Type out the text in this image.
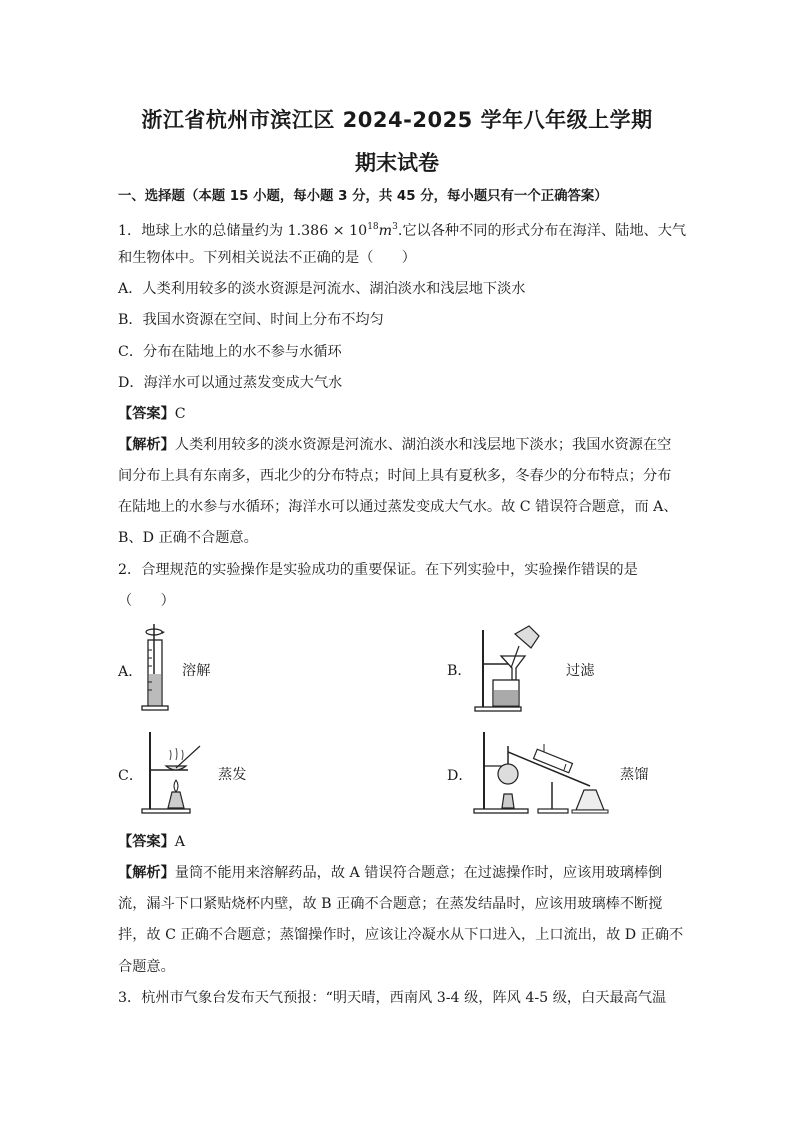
浙江省杭州市滨江区 2024-2025 学年八年级上学期
期末试卷
一、选择题（本题 15 小题，每小题 3 分，共 45 分，每小题只有一个正确答案）
1．地球上水的总储量约为 $1.386 \times 10^{18}m^3$.它以各种不同的形式分布在海洋、陆地、大气
和生物体中。下列相关说法不正确的是（　　）
A．人类利用较多的淡水资源是河流水、湖泊淡水和浅层地下淡水
B．我国水资源在空间、时间上分布不均匀
C．分布在陆地上的水不参与水循环
D．海洋水可以通过蒸发变成大气水
【答案】C
【解析】人类利用较多的淡水资源是河流水、湖泊淡水和浅层地下淡水；我国水资源在空
间分布上具有东南多，西北少的分布特点；时间上具有夏秋多，冬春少的分布特点；分布
在陆地上的水参与水循环；海洋水可以通过蒸发变成大气水。故 C 错误符合题意，而 A、
B、D 正确不合题意。
2．合理规范的实验操作是实验成功的重要保证。在下列实验中，实验操作错误的是
（　　）
A．	溶解	B．	过滤
C．	蒸发	D．	蒸馏
【答案】A
【解析】量筒不能用来溶解药品，故 A 错误符合题意；在过滤操作时，应该用玻璃棒倒
流，漏斗下口紧贴烧杯内壁，故 B 正确不合题意；在蒸发结晶时，应该用玻璃棒不断搅
拌，故 C 正确不合题意；蒸馏操作时，应该让冷凝水从下口进入，上口流出，故 D 正确不
合题意。
3．杭州市气象台发布天气预报：“明天晴，西南风 3-4 级，阵风 4-5 级，白天最高气温
